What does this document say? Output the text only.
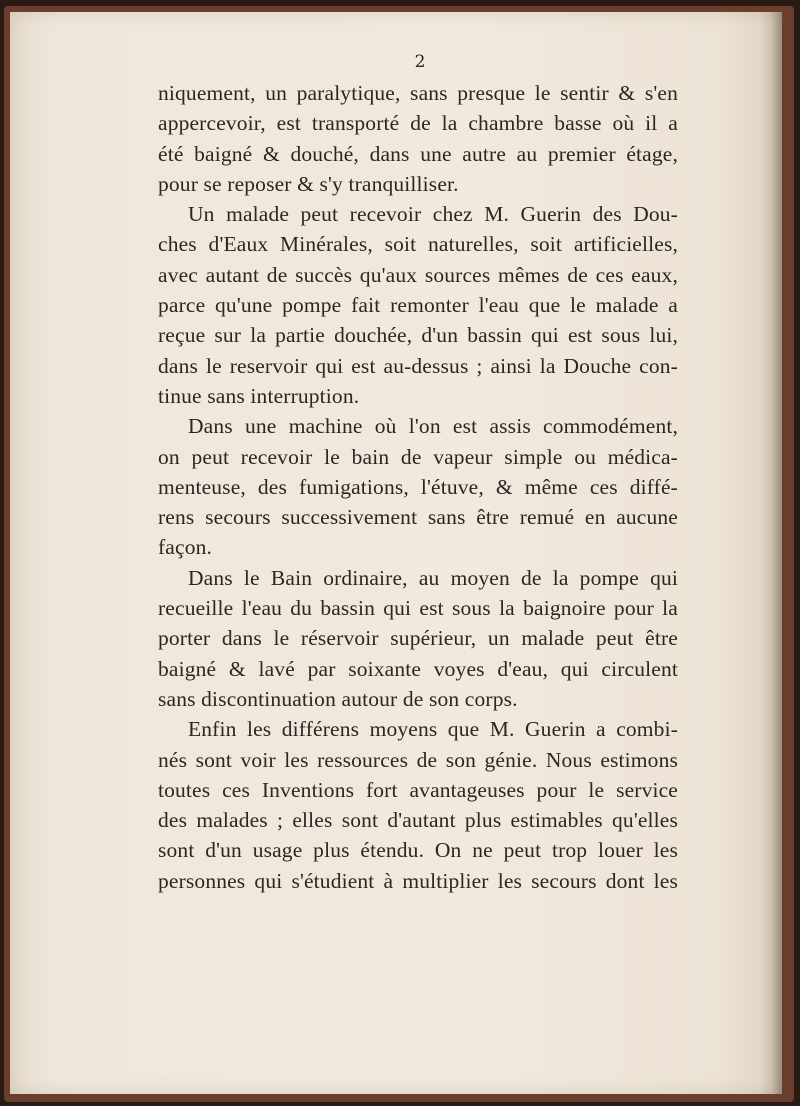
2

niquement, un paralytique, sans presque le sentir & s'en

appercevoir, est transporté de la chambre basse où il a

été baigné & douché, dans une autre au premier étage,

pour se reposer & s'y tranquilliser.

Un malade peut recevoir chez M. Guerin des Dou-

ches d'Eaux Minérales, soit naturelles, soit artificielles,

avec autant de succès qu'aux sources mêmes de ces eaux,

parce qu'une pompe fait remonter l'eau que le malade a

reçue sur la partie douchée, d'un bassin qui est sous lui,

dans le reservoir qui est au-dessus ; ainsi la Douche con-

tinue sans interruption.

Dans une machine où l'on est assis commodément,

on peut recevoir le bain de vapeur simple ou médica-

menteuse, des fumigations, l'étuve, & même ces diffé-

rens secours successivement sans être remué en aucune

façon.

Dans le Bain ordinaire, au moyen de la pompe qui

recueille l'eau du bassin qui est sous la baignoire pour la

porter dans le réservoir supérieur, un malade peut être

baigné & lavé par soixante voyes d'eau, qui circulent

sans discontinuation autour de son corps.

Enfin les différens moyens que M. Guerin a combi-

nés sont voir les ressources de son génie. Nous estimons

toutes ces Inventions fort avantageuses pour le service

des malades ; elles sont d'autant plus estimables qu'elles

sont d'un usage plus étendu. On ne peut trop louer les

personnes qui s'étudient à multiplier les secours dont les
